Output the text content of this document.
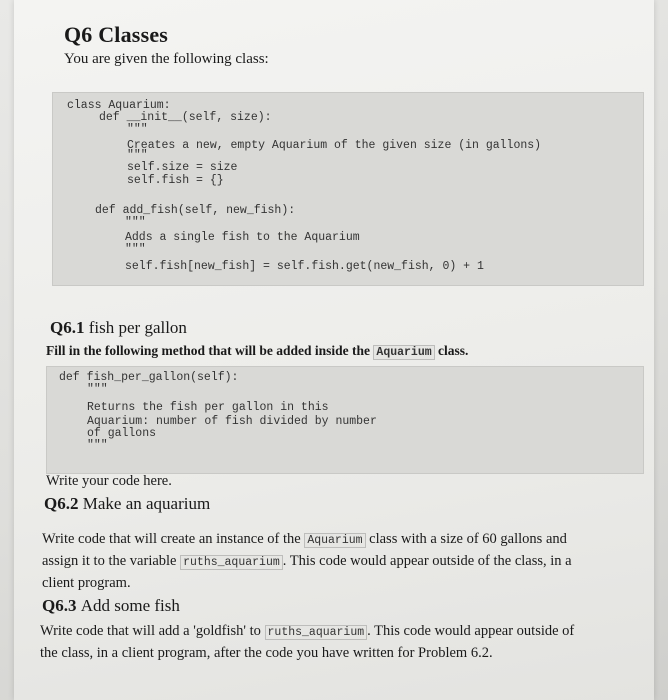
Q6 Classes
You are given the following class:
class Aquarium:
def __init__(self, size):
"""
Creates a new, empty Aquarium of the given size (in gallons)
"""
self.size = size
self.fish = {}
def add_fish(self, new_fish):
"""
Adds a single fish to the Aquarium
"""
self.fish[new_fish] = self.fish.get(new_fish, 0) + 1
Q6.1 fish per gallon
Fill in the following method that will be added inside the Aquarium class.
def fish_per_gallon(self):
"""
Returns the fish per gallon in this
Aquarium: number of fish divided by number
of gallons
"""
Write your code here.
Q6.2 Make an aquarium
Write code that will create an instance of the Aquarium class with a size of 60 gallons and
assign it to the variable ruths_aquarium . This code would appear outside of the class, in a
client program.
Q6.3 Add some fish
Write code that will add a 'goldfish' to ruths_aquarium . This code would appear outside of
the class, in a client program, after the code you have written for Problem 6.2.
